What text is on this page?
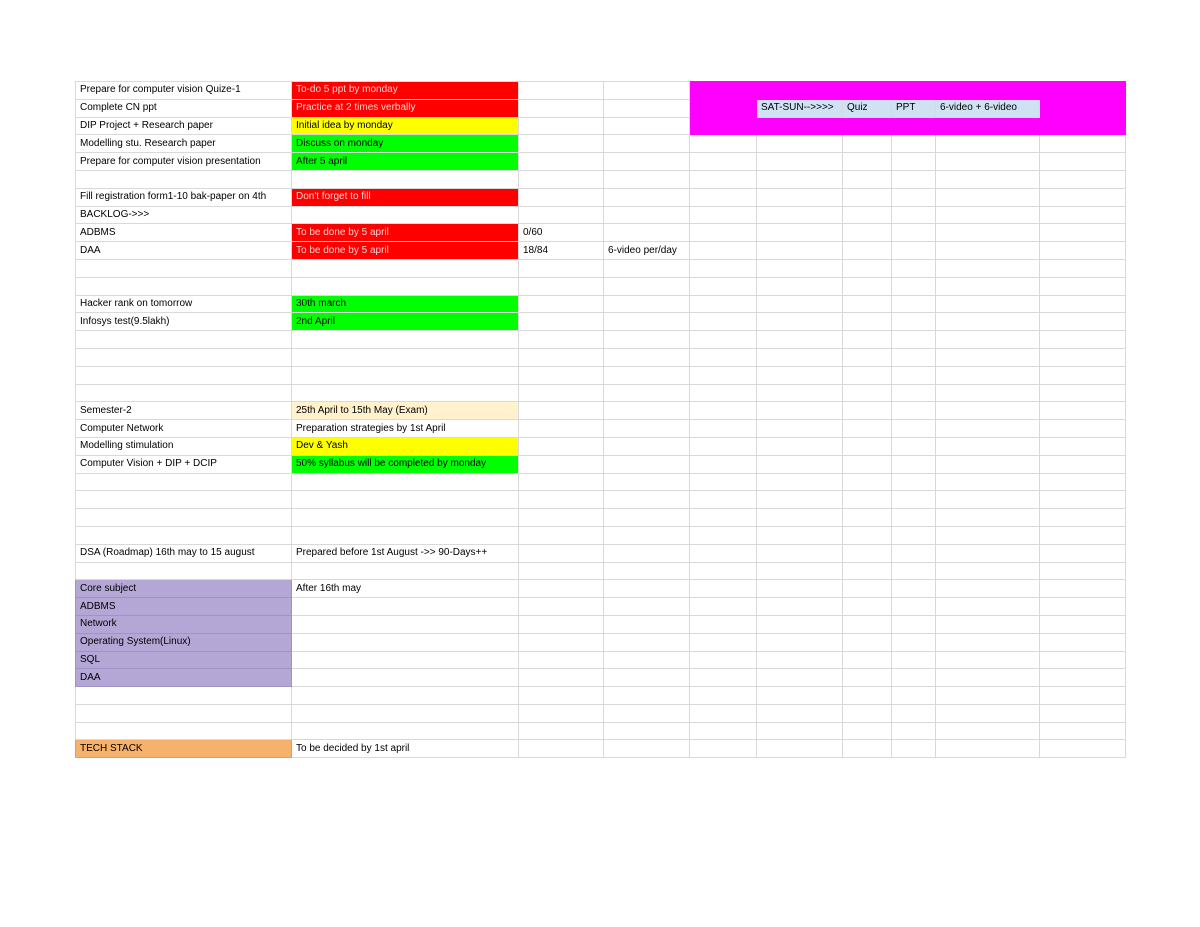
Prepare for computer vision Quize-1	To-do 5 ppt by monday								
Complete CN ppt	Practice at 2 times verbally				SAT-SUN-->>>>	Quiz	PPT	6-video + 6-video	
DIP Project + Research paper	Initial idea by monday								
Modelling stu. Research paper	Discuss on monday								
Prepare for computer vision presentation	After 5 april								

Fill registration form1-10 bak-paper on 4th	Don't forget to fill								
BACKLOG->>>									
ADBMS	To be done by 5 april	0/60							
DAA	To be done by 5 april	18/84	6-video per/day						

Hacker rank on tomorrow	30th march								
Infosys test(9.5lakh)	2nd April								

Semester-2	25th April to 15th May (Exam)								
Computer Network	Preparation strategies by 1st April								
Modelling stimulation	Dev & Yash								
Computer Vision + DIP + DCIP	50% syllabus will be completed by monday								

DSA (Roadmap) 16th may to 15 august	Prepared before 1st August ->> 90-Days++								

Core subject	After 16th may								
ADBMS									
Network									
Operating System(Linux)									
SQL									
DAA									

TECH STACK	To be decided by 1st april								
